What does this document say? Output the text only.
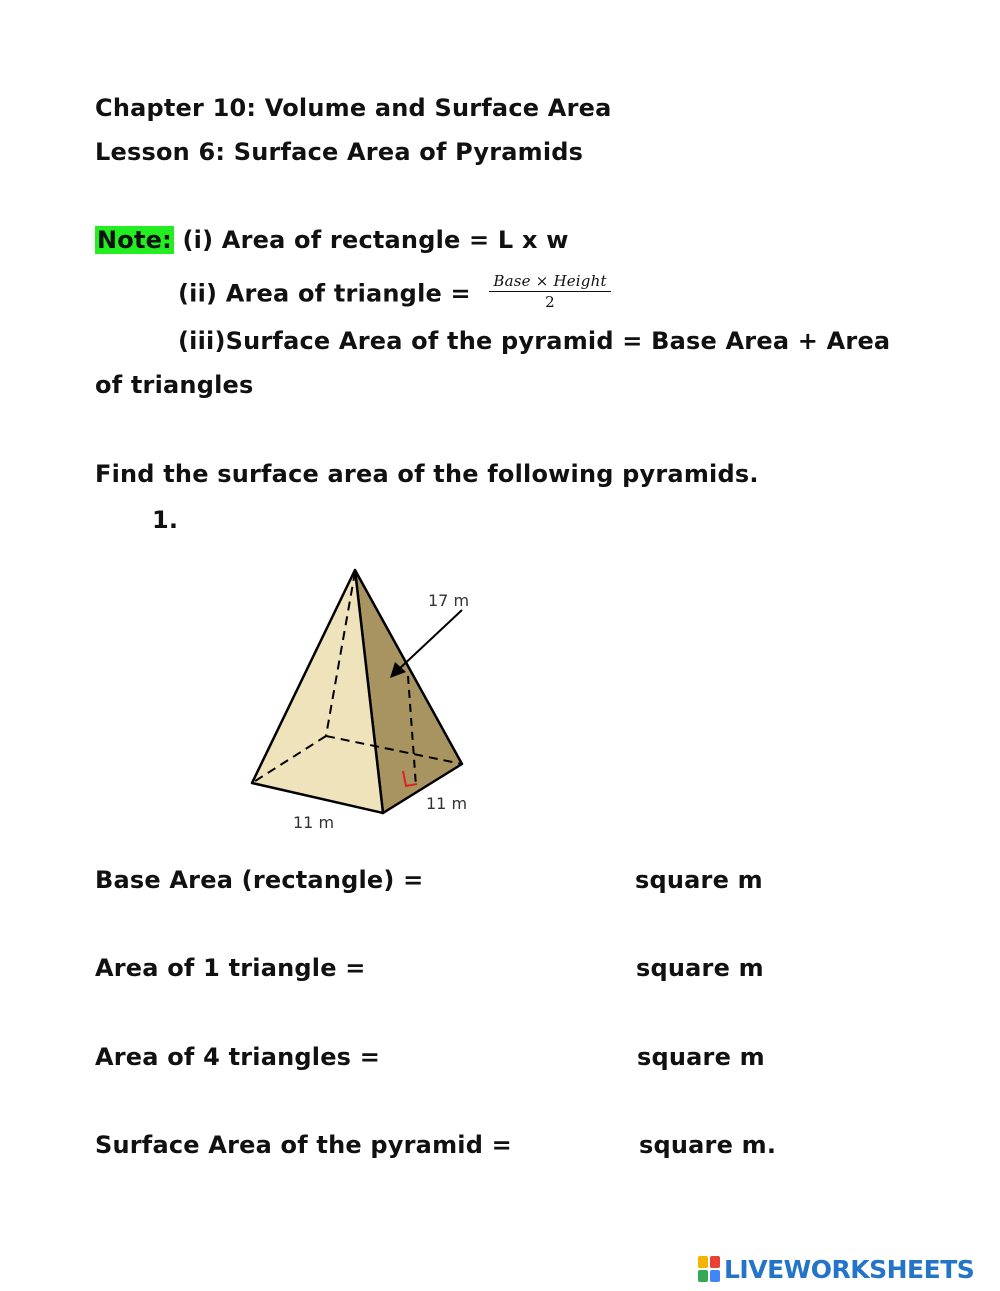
Chapter 10: Volume and Surface Area
Lesson 6: Surface Area of Pyramids
Note: (i) Area of rectangle = L x w
(ii) Area of triangle = $\frac{\text{Base × Height}}{2}$
(iii)Surface Area of the pyramid = Base Area + Area
of triangles
Find the surface area of the following pyramids.
1.
17 m
11 m
11 m
Base Area (rectangle) =	square m
Area of 1 triangle =	square m
Area of 4 triangles =	square m
Surface Area of the pyramid =	square m.
LIVEWORKSHEETS
